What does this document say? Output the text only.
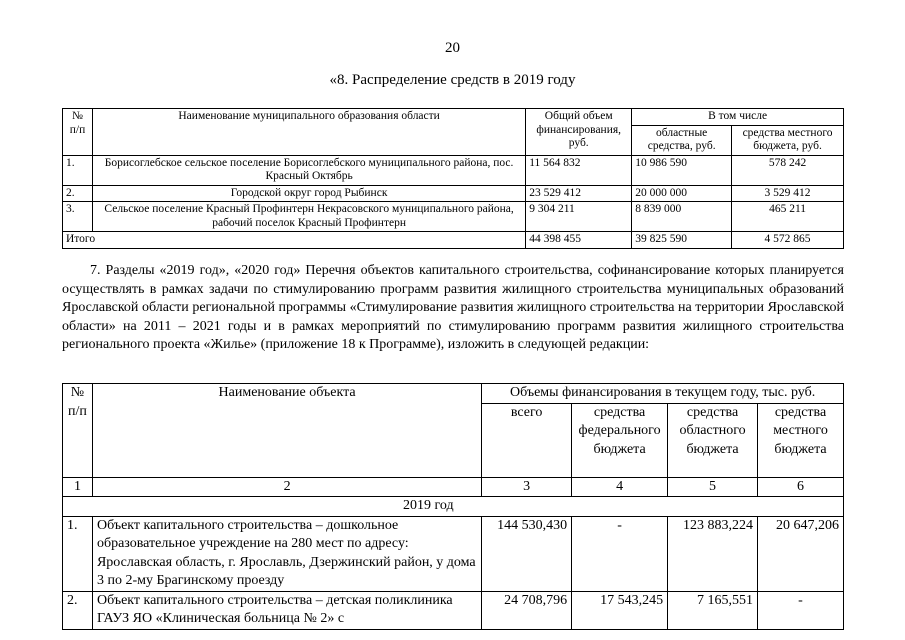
20
«8. Распределение средств в 2019 году
№ п/п	Наименование муниципального образования области	Общий объем финансирования, руб.	В том числе	
			областные средства, руб.	средства местного бюджета, руб.
1.	Борисоглебское сельское поселение Борисоглебского муниципального района, пос. Красный Октябрь	11 564 832	10 986 590	578 242
2.	Городской округ город Рыбинск	23 529 412	20 000 000	3 529 412
3.	Сельское поселение Красный Профинтерн Некрасовского муниципального района, рабочий поселок Красный Профинтерн	9 304 211	8 839 000	465 211
Итого		44 398 455	39 825 590	4 572 865

7. Разделы «2019 год», «2020 год» Перечня объектов капитального строительства, софинансирование которых планируется осуществлять в рамках задачи по стимулированию программ развития жилищного строительства муниципальных образований Ярославской области региональной программы «Стимулирование развития жилищного строительства на территории Ярославской области» на 2011 – 2021 годы и в рамках мероприятий по стимулированию программ развития жилищного строительства регионального проекта «Жилье» (приложение 18 к Программе), изложить в следующей редакции:

№ п/п	Наименование объекта	Объемы финансирования в текущем году, тыс. руб.			
		всего	средства федерального бюджета	средства областного бюджета	средства местного бюджета
1	2	3	4	5	6
2019 год					
1.	Объект капитального строительства – дошкольное образовательное учреждение на 280 мест по адресу: Ярославская область, г. Ярославль, Дзержинский район, у дома 3 по 2-му Брагинскому проезду	144 530,430	-	123 883,224	20 647,206
2.	Объект капитального строительства – детская поликлиника ГАУЗ ЯО «Клиническая больница № 2» с	24 708,796	17 543,245	7 165,551	-
